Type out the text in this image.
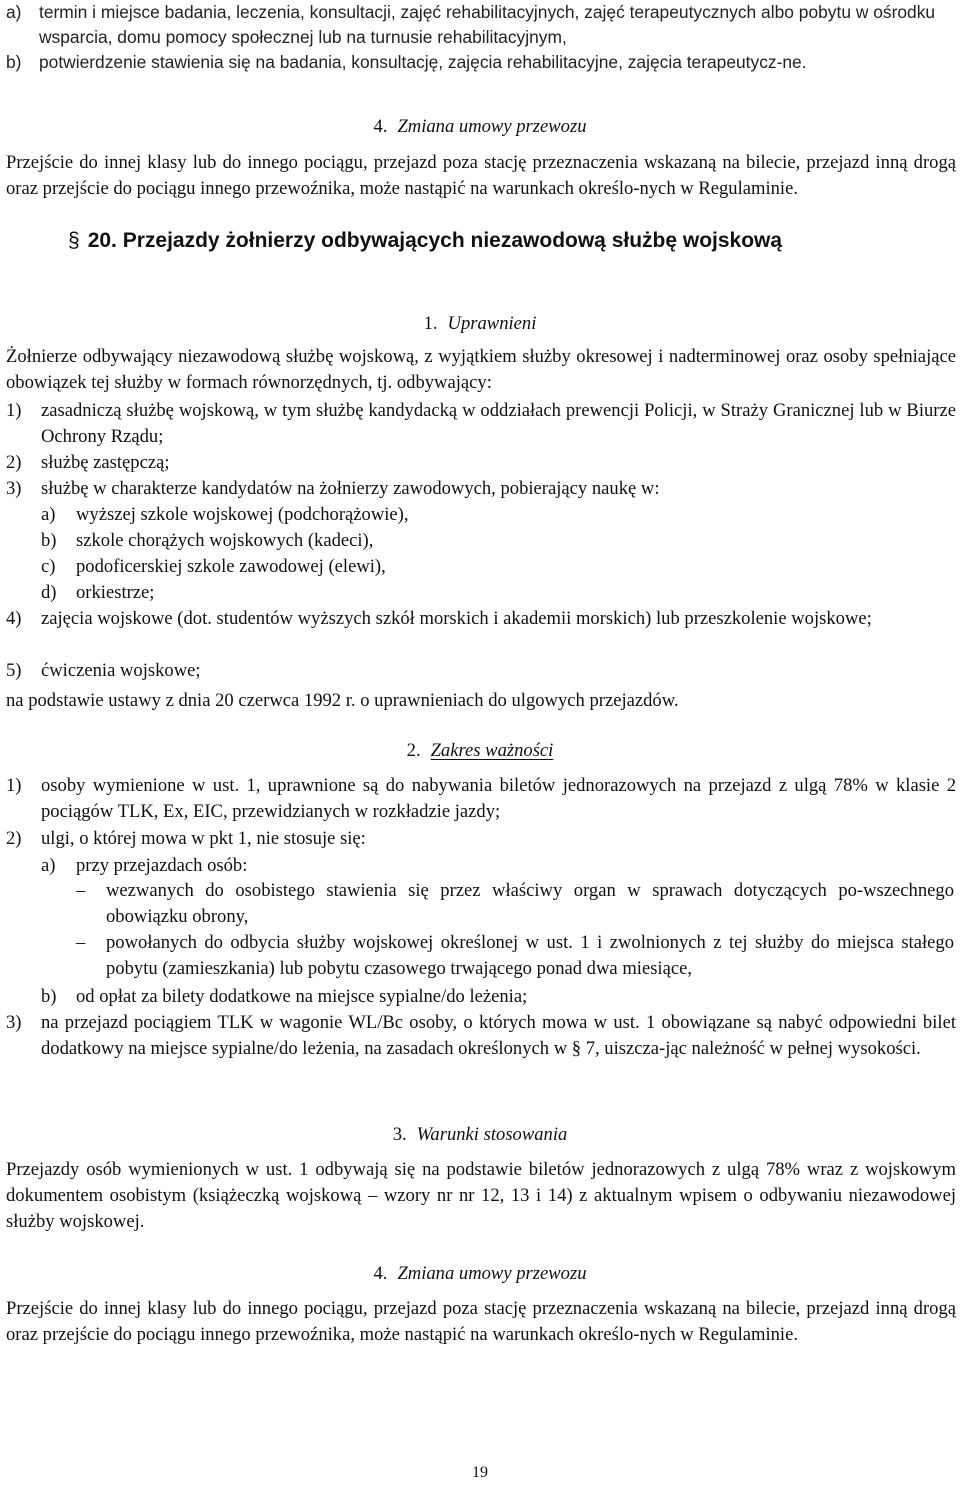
a) termin i miejsce badania, leczenia, konsultacji, zajęć rehabilitacyjnych, zajęć terapeutycznych albo pobytu w ośrodku wsparcia, domu pomocy społecznej lub na turnusie rehabilitacyjnym,
b) potwierdzenie stawienia się na badania, konsultację, zajęcia rehabilitacyjne, zajęcia terapeutycz-ne.
4. Zmiana umowy przewozu
Przejście do innej klasy lub do innego pociągu, przejazd poza stację przeznaczenia wskazaną na bilecie, przejazd inną drogą oraz przejście do pociągu innego przewoźnika, może nastąpić na warunkach określo-nych w Regulaminie.
§ 20. Przejazdy żołnierzy odbywających niezawodową służbę wojskową
1. Uprawnieni
Żołnierze odbywający niezawodową służbę wojskową, z wyjątkiem służby okresowej i nadterminowej oraz osoby spełniające obowiązek tej służby w formach równorzędnych, tj. odbywający:
1) zasadniczą służbę wojskową, w tym służbę kandydacką w oddziałach prewencji Policji, w Straży Granicznej lub w Biurze Ochrony Rządu;
2) służbę zastępczą;
3) służbę w charakterze kandydatów na żołnierzy zawodowych, pobierający naukę w:
a) wyższej szkole wojskowej (podchorążowie),
b) szkole chorążych wojskowych (kadeci),
c) podoficerskiej szkole zawodowej (elewi),
d) orkiestrze;
4) zajęcia wojskowe (dot. studentów wyższych szkół morskich i akademii morskich) lub przeszkolenie wojskowe;
5) ćwiczenia wojskowe;
na podstawie ustawy z dnia 20 czerwca 1992 r. o uprawnieniach do ulgowych przejazdów.
2. Zakres ważności
1) osoby wymienione w ust. 1, uprawnione są do nabywania biletów jednorazowych na przejazd z ulgą 78% w klasie 2 pociągów TLK, Ex, EIC, przewidzianych w rozkładzie jazdy;
2) ulgi, o której mowa w pkt 1, nie stosuje się:
a) przy przejazdach osób:
– wezwanych do osobistego stawienia się przez właściwy organ w sprawach dotyczących po-wszechnego obowiązku obrony,
– powołanych do odbycia służby wojskowej określonej w ust. 1 i zwolnionych z tej służby do miejsca stałego pobytu (zamieszkania) lub pobytu czasowego trwającego ponad dwa miesiące,
b) od opłat za bilety dodatkowe na miejsce sypialne/do leżenia;
3) na przejazd pociągiem TLK w wagonie WL/Bc osoby, o których mowa w ust. 1 obowiązane są nabyć odpowiedni bilet dodatkowy na miejsce sypialne/do leżenia, na zasadach określonych w § 7, uiszcza-jąc należność w pełnej wysokości.
3. Warunki stosowania
Przejazdy osób wymienionych w ust. 1 odbywają się na podstawie biletów jednorazowych z ulgą 78% wraz z wojskowym dokumentem osobistym (książeczką wojskową – wzory nr nr 12, 13 i 14) z aktualnym wpisem o odbywaniu niezawodowej służby wojskowej.
4. Zmiana umowy przewozu
Przejście do innej klasy lub do innego pociągu, przejazd poza stację przeznaczenia wskazaną na bilecie, przejazd inną drogą oraz przejście do pociągu innego przewoźnika, może nastąpić na warunkach określo-nych w Regulaminie.
19
